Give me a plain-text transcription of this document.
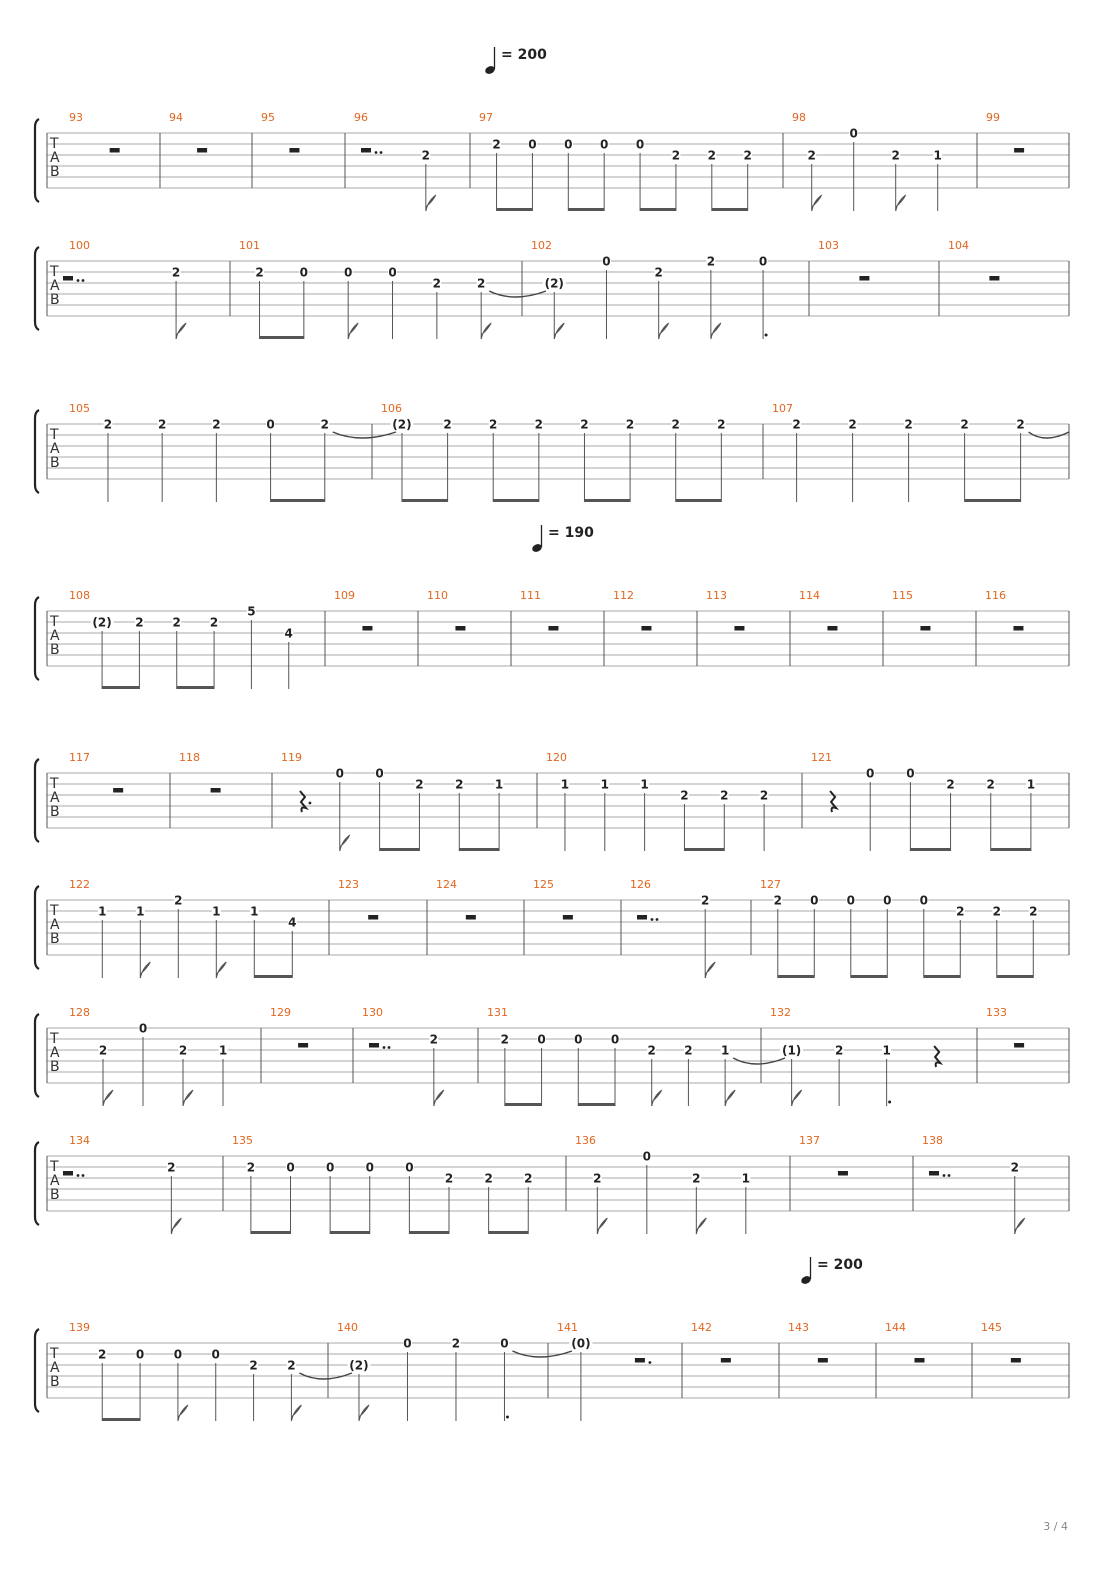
= 200
T
A
B
93	94	95	96
2
97
2 0 0 0 0
2 2 2
98
2
0
2	1
99
T
A
B
100
2
101
2	0	0	0
2	2
102
(2)
0
2
2	0
103	104
T
A
B
105
2	2	2	0	2
106
(2)	2	2	2	2	2	2	2
107
2	2	2	2	2
= 190
T
A
B
108
(2) 2 2 2
5
4
109	110	111	112	113	114	115	116
T
A
B
117	118	119
0	0
2	2	1
120
1	1	1
2	2	2
121
0	0
2	2	1
T
A
B
122
1 1
2
1 1
4
123	124	125	126
2
127
2 0 0 0 0
2 2 2
T
A
B
128
2
0
2	1
129	130
2
131
2 0 0 0
2 2 1
132
(1)	2	1
133
T
A
B
134
2
135
2	0	0	0	0
2	2	2
136
2
0
2	1
137	138
2
= 200
T
A
B
139
2 0 0 0
2 2
140
(2)
0	2	0
141
(0)
142	143	144	145
3 / 4
